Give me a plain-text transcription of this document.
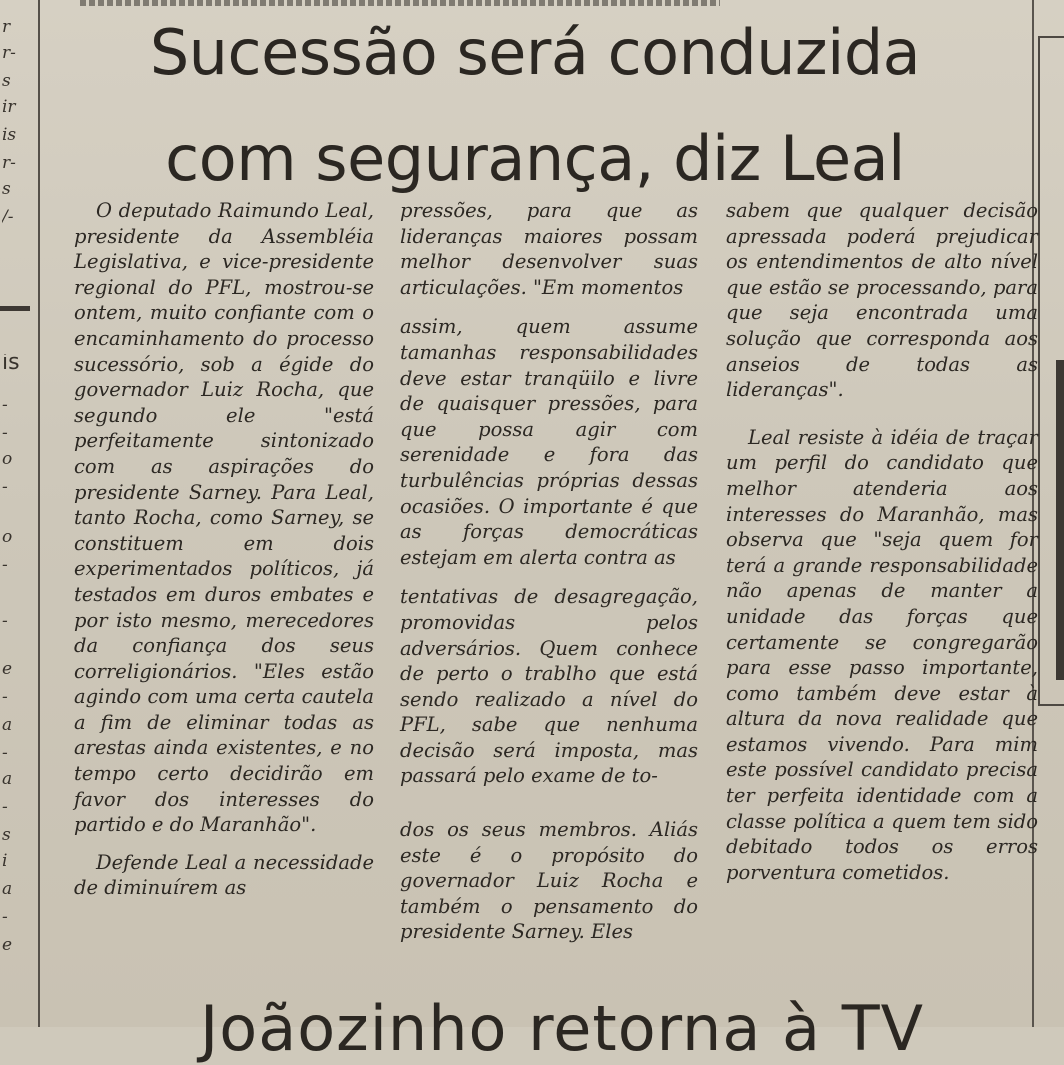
r
r-
s
ir
is
r-
s
/-
is
-
-
o
-
o
-
-
e
-
a
-
a
-
s
i
a
-
e
Sucessão será conduzida
com segurança, diz Leal

O deputado Raimundo Leal, presidente da Assembléia Legislativa, e vice-presidente regional do PFL, mostrou-se ontem, muito confiante com o encaminhamento do processo sucessório, sob a égide do governador Luiz Rocha, que segundo ele "está perfeitamente sintonizado com as aspirações do presidente Sarney. Para Leal, tanto Rocha, como Sarney, se constituem em dois experimentados políticos, já testados em duros embates e por isto mesmo, merecedores da confiança dos seus correligionários. "Eles estão agindo com uma certa cautela a fim de eliminar todas as arestas ainda existentes, e no tempo certo decidirão em favor dos interesses do partido e do Maranhão".

Defende Leal a necessidade de diminuírem as

pressões, para que as lideranças maiores possam melhor desenvolver suas articulações. "Em momentos

assim, quem assume tamanhas responsabilidades deve estar tranqüilo e livre de quaisquer pressões, para que possa agir com serenidade e fora das turbulências próprias dessas ocasiões. O importante é que as forças democráticas estejam em alerta contra as

tentativas de desagregação, promovidas pelos adversários. Quem conhece de perto o trablho que está sendo realizado a nível do PFL, sabe que nenhuma decisão será imposta, mas passará pelo exame de to-

dos os seus membros. Aliás este é o propósito do governador Luiz Rocha e também o pensamento do presidente Sarney. Eles

sabem que qualquer decisão apressada poderá prejudicar os entendimentos de alto nível que estão se processando, para que seja encontrada uma solução que corresponda aos anseios de todas as lideranças".

Leal resiste à idéia de traçar um perfil do candidato que melhor atenderia aos interesses do Maranhão, mas observa que "seja quem for terá a grande responsabilidade não apenas de manter a unidade das forças que certamente se congregarão para esse passo importante, como também deve estar à altura da nova realidade que estamos vivendo. Para mim este possível candidato precisa ter perfeita identidade com a classe política a quem tem sido debitado todos os erros porventura cometidos.

Joãozinho retorna à TV
